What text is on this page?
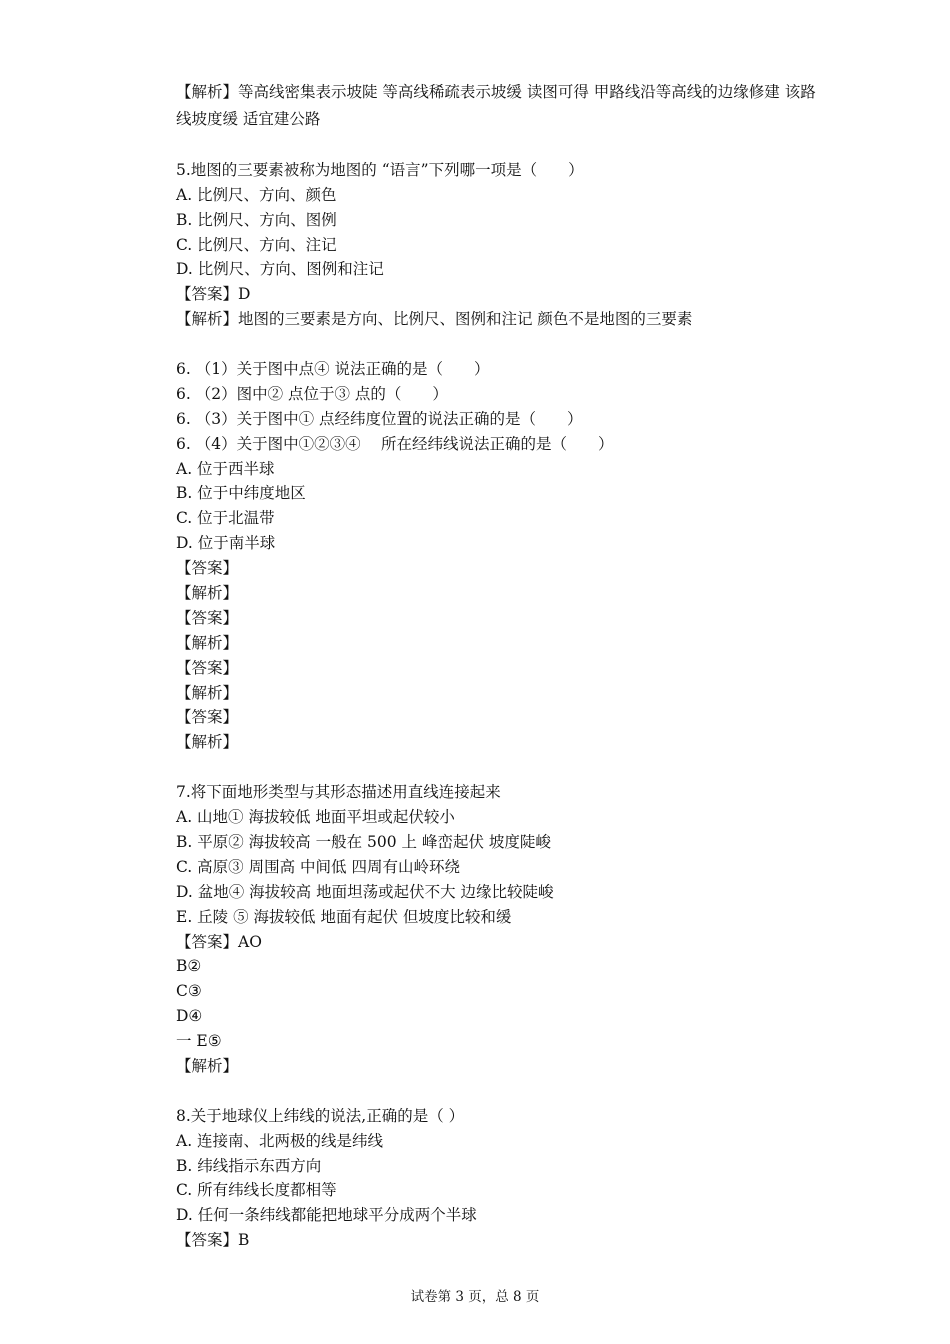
【解析】等高线密集表示坡陡 等高线稀疏表示坡缓 读图可得 甲路线沿等高线的边缘修建 该路线坡度缓 适宜建公路
5.地图的三要素被称为地图的 “语言”下列哪一项是（　　）
A. 比例尺、方向、颜色
B. 比例尺、方向、图例
C. 比例尺、方向、注记
D. 比例尺、方向、图例和注记
【答案】D
【解析】地图的三要素是方向、比例尺、图例和注记 颜色不是地图的三要素
6. （1）关于图中点④ 说法正确的是（　　）
6. （2）图中② 点位于③ 点的（　　）
6. （3）关于图中① 点经纬度位置的说法正确的是（　　）
6. （4）关于图中①②③④　 所在经纬线说法正确的是（　　）
A. 位于西半球
B. 位于中纬度地区
C. 位于北温带
D. 位于南半球
【答案】
【解析】
【答案】
【解析】
【答案】
【解析】
【答案】
【解析】
7.将下面地形类型与其形态描述用直线连接起来
A. 山地① 海拔较低 地面平坦或起伏较小
B. 平原② 海拔较高 一般在 500 上 峰峦起伏 坡度陡峻
C. 高原③ 周围高 中间低 四周有山岭环绕
D. 盆地④ 海拔较高 地面坦荡或起伏不大 边缘比较陡峻
E. 丘陵 ⑤ 海拔较低 地面有起伏 但坡度比较和缓
【答案】AO
B②
C③
D④
一 E⑤
【解析】
8.关于地球仪上纬线的说法,正确的是（ ）
A. 连接南、北两极的线是纬线
B. 纬线指示东西方向
C. 所有纬线长度都相等
D. 任何一条纬线都能把地球平分成两个半球
【答案】B
试卷第 3 页，总 8 页
